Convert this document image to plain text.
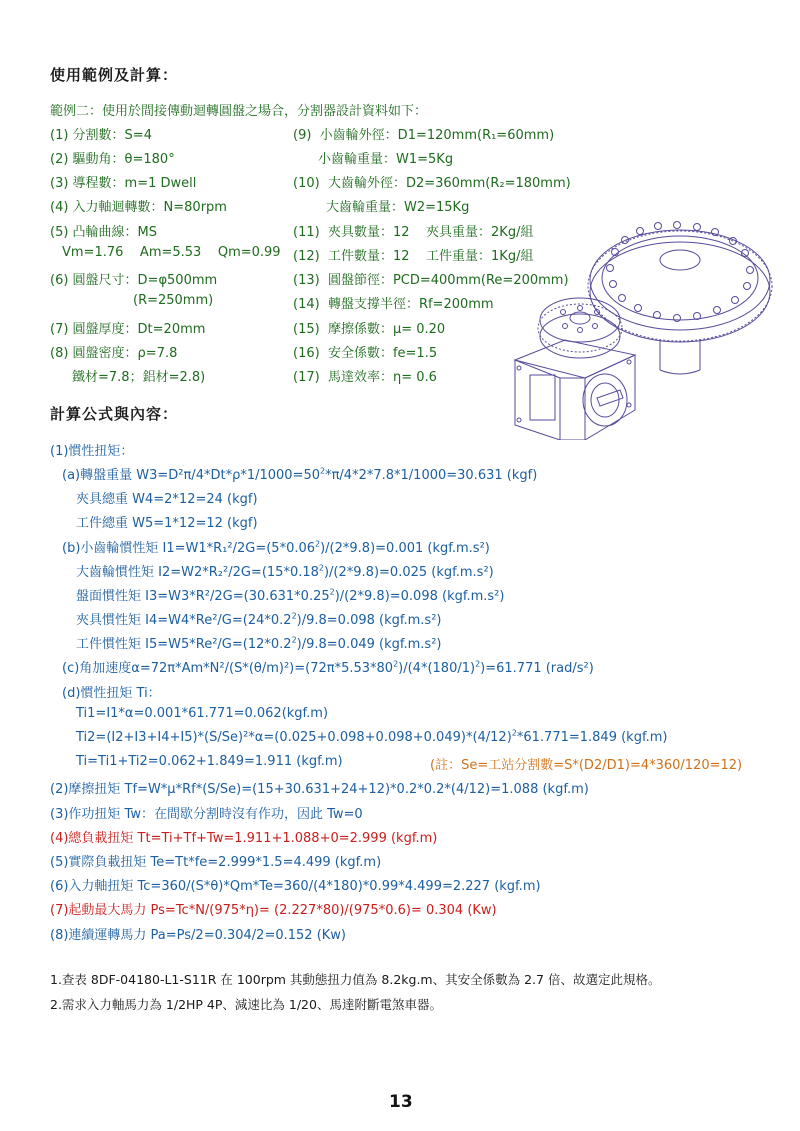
使用範例及計算：
範例二：使用於間接傳動迴轉圓盤之場合，分割器設計資料如下：
(1) 分割數：S=4
(2) 驅動角：θ=180°
(3) 導程數：m=1 Dwell
(4) 入力軸迴轉數：N=80rpm
(5) 凸輪曲線：MS
Vm=1.76    Am=5.53    Qm=0.99
(6) 圓盤尺寸：D=φ500mm
(R=250mm)
(7) 圓盤厚度：Dt=20mm
(8) 圓盤密度：ρ=7.8
鐵材=7.8；鋁材=2.8)
(9)  小齒輪外徑：D1=120mm(R₁=60mm)
小齒輪重量：W1=5Kg
(10)  大齒輪外徑：D2=360mm(R₂=180mm)
大齒輪重量：W2=15Kg
(11)  夾具數量：12    夾具重量：2Kg/組
(12)  工件數量：12    工件重量：1Kg/組
(13)  圓盤節徑：PCD=400mm(Re=200mm)
(14)  轉盤支撐半徑：Rf=200mm
(15)  摩擦係數：μ= 0.20
(16)  安全係數：fe=1.5
(17)  馬達效率：η= 0.6
計算公式與內容：
(1)慣性扭矩：
(a)轉盤重量 $W3=D^2\pi/4*Dt*\rho*1/1000=50^2*\pi/4*2*7.8*1/1000=30.631$ (kgf)
夾具總重 W4=2*12=24 (kgf)
工件總重 W5=1*12=12 (kgf)
(b)小齒輪慣性矩 $I1=W1*R_1^2/2G=(5*0.06^2)/(2*9.8)=0.001$ (kgf.m.s²)
大齒輪慣性矩 $I2=W2*R_2^2/2G=(15*0.18^2)/(2*9.8)=0.025$ (kgf.m.s²)
盤面慣性矩 $I3=W3*R^2/2G=(30.631*0.25^2)/(2*9.8)=0.098$ (kgf.m.s²)
夾具慣性矩 $I4=W4*Re^2/G=(24*0.2^2)/9.8=0.098$ (kgf.m.s²)
工件慣性矩 $I5=W5*Re^2/G=(12*0.2^2)/9.8=0.049$ (kgf.m.s²)
(c)角加速度$\alpha=72\pi*Am*N^2/(S*(\theta/m)^2)=(72\pi*5.53*80^2)/(4*(180/1)^2)=61.771$ (rad/s²)
(d)慣性扭矩 Ti：
Ti1=I1*α=0.001*61.771=0.062(kgf.m)
$Ti2=(I2+I3+I4+I5)*(S/Se)^2*\alpha=(0.025+0.098+0.098+0.049)*(4/12)^2*61.771=1.849$ (kgf.m)
Ti=Ti1+Ti2=0.062+1.849=1.911 (kgf.m)	(註：Se=工站分割數=S*(D2/D1)=4*360/120=12)
(2)摩擦扭矩 Tf=W*μ*Rf*(S/Se)=(15+30.631+24+12)*0.2*0.2*(4/12)=1.088 (kgf.m)
(3)作功扭矩 Tw：在間歇分割時沒有作功，因此 Tw=0
(4)總負載扭矩 Tt=Ti+Tf+Tw=1.911+1.088+0=2.999 (kgf.m)
(5)實際負載扭矩 Te=Tt*fe=2.999*1.5=4.499 (kgf.m)
(6)入力軸扭矩 Tc=360/(S*θ)*Qm*Te=360/(4*180)*0.99*4.499=2.227 (kgf.m)
(7)起動最大馬力 Ps=Tc*N/(975*η)= (2.227*80)/(975*0.6)= 0.304 (Kw)
(8)連續運轉馬力 Pa=Ps/2=0.304/2=0.152 (Kw)
1.查表 8DF-04180-L1-S11R 在 100rpm 其動態扭力值為 8.2kg.m、其安全係數為 2.7 倍、故選定此規格。
2.需求入力軸馬力為 1/2HP 4P、減速比為 1/20、馬達附斷電煞車器。
13
